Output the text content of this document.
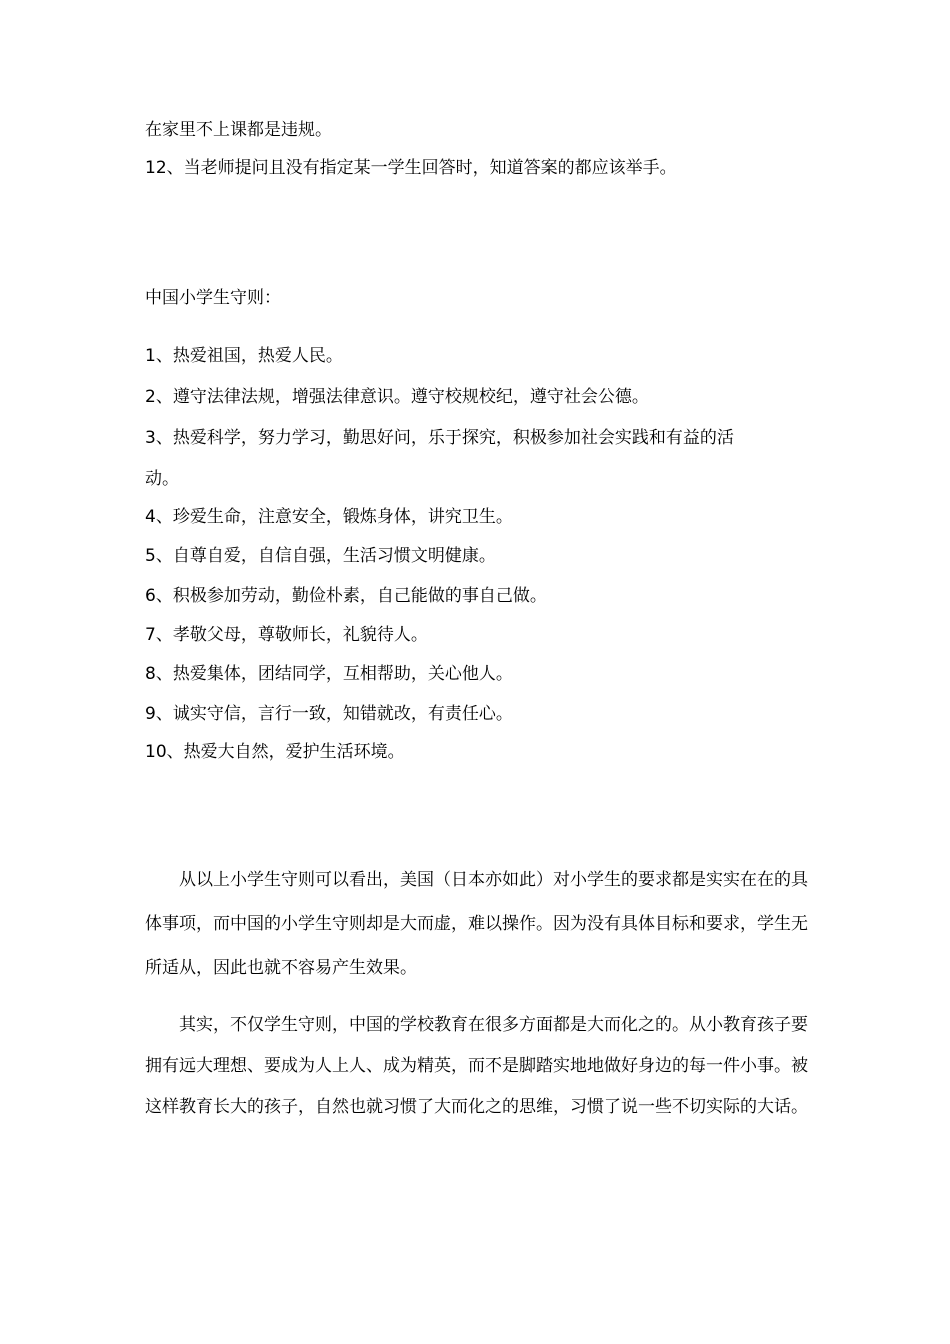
在家里不上课都是违规。

12、当老师提问且没有指定某一学生回答时，知道答案的都应该举手。

中国小学生守则：

1、热爱祖国，热爱人民。

2、遵守法律法规，增强法律意识。遵守校规校纪，遵守社会公德。

3、热爱科学，努力学习，勤思好问，乐于探究，积极参加社会实践和有益的活

动。

4、珍爱生命，注意安全，锻炼身体，讲究卫生。

5、自尊自爱，自信自强，生活习惯文明健康。

6、积极参加劳动，勤俭朴素，自己能做的事自己做。

7、孝敬父母，尊敬师长，礼貌待人。

8、热爱集体，团结同学，互相帮助，关心他人。

9、诚实守信，言行一致，知错就改，有责任心。

10、热爱大自然，爱护生活环境。

从以上小学生守则可以看出，美国（日本亦如此）对小学生的要求都是实实在在的具体事项，而中国的小学生守则却是大而虚，难以操作。因为没有具体目标和要求，学生无所适从，因此也就不容易产生效果。

其实，不仅学生守则，中国的学校教育在很多方面都是大而化之的。从小教育孩子要拥有远大理想、要成为人上人、成为精英，而不是脚踏实地地做好身边的每一件小事。被这样教育长大的孩子，自然也就习惯了大而化之的思维，习惯了说一些不切实际的大话。
